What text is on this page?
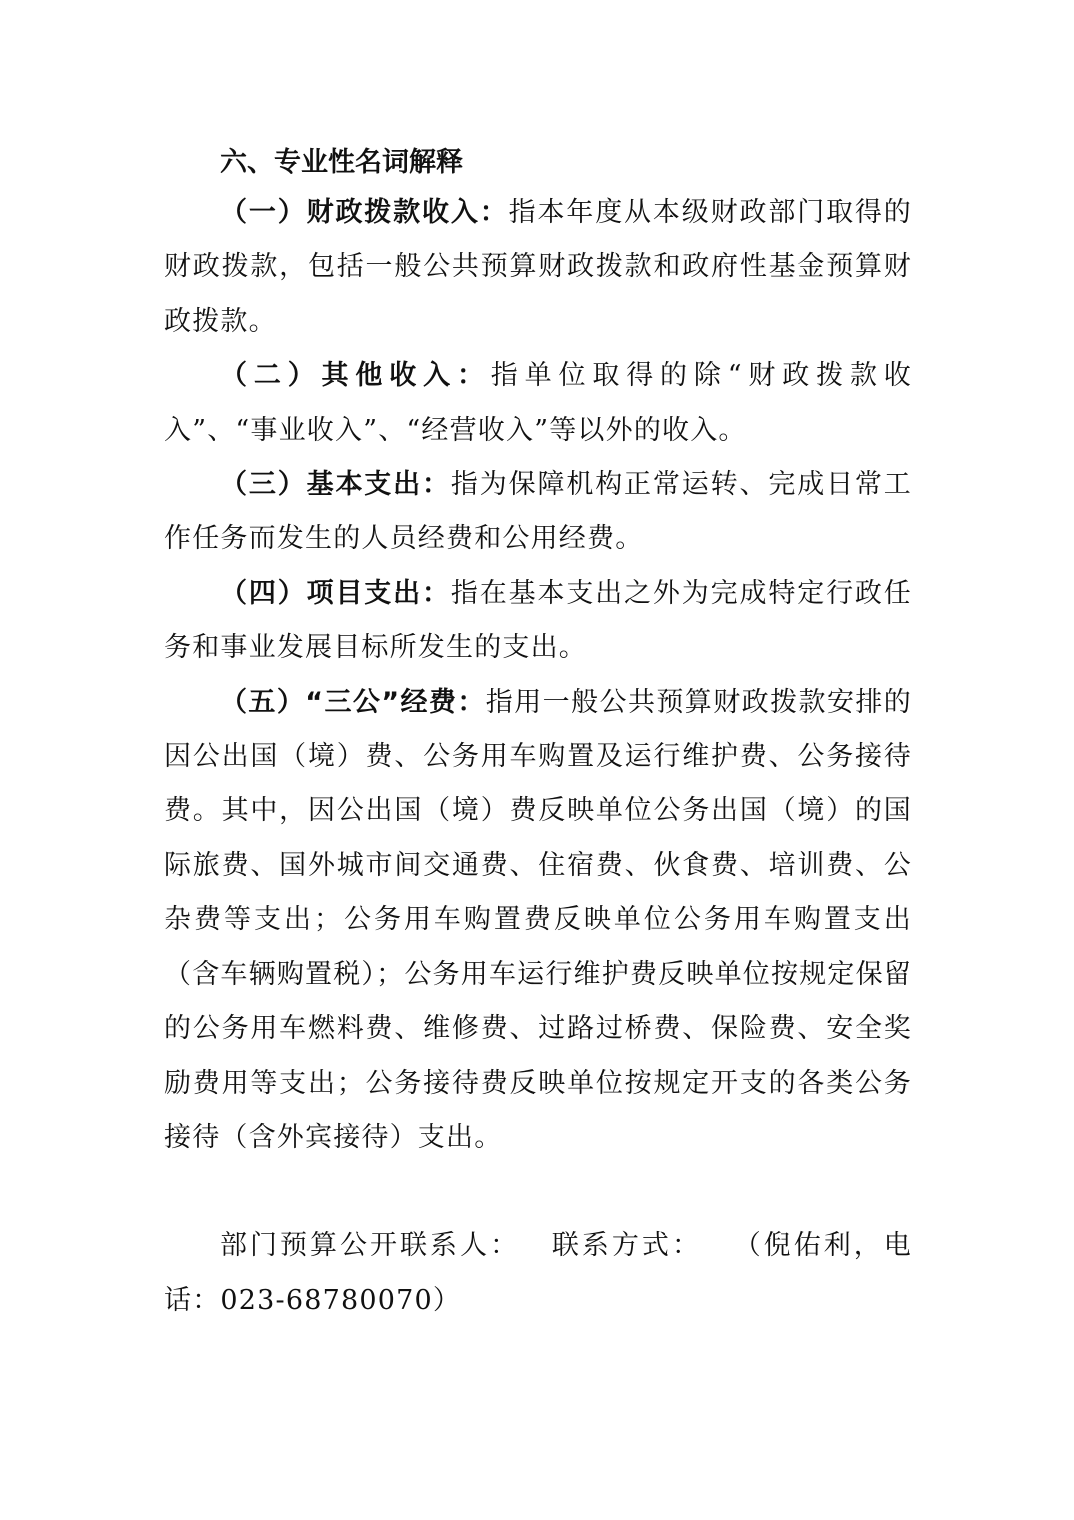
六、专业性名词解释

（一）财政拨款收入：指本年度从本级财政部门取得的财政拨款，包括一般公共预算财政拨款和政府性基金预算财政拨款。

（二）其他收入：指单位取得的除“财政拨款收入”、“事业收入”、“经营收入”等以外的收入。

（三）基本支出：指为保障机构正常运转、完成日常工作任务而发生的人员经费和公用经费。

（四）项目支出：指在基本支出之外为完成特定行政任务和事业发展目标所发生的支出。

（五）“三公”经费：指用一般公共预算财政拨款安排的因公出国（境）费、公务用车购置及运行维护费、公务接待费。其中，因公出国（境）费反映单位公务出国（境）的国际旅费、国外城市间交通费、住宿费、伙食费、培训费、公杂费等支出；公务用车购置费反映单位公务用车购置支出（含车辆购置税）；公务用车运行维护费反映单位按规定保留的公务用车燃料费、维修费、过路过桥费、保险费、安全奖励费用等支出；公务接待费反映单位按规定开支的各类公务接待（含外宾接待）支出。

部门预算公开联系人： 联系方式： （倪佑利，电话：023-68780070）
